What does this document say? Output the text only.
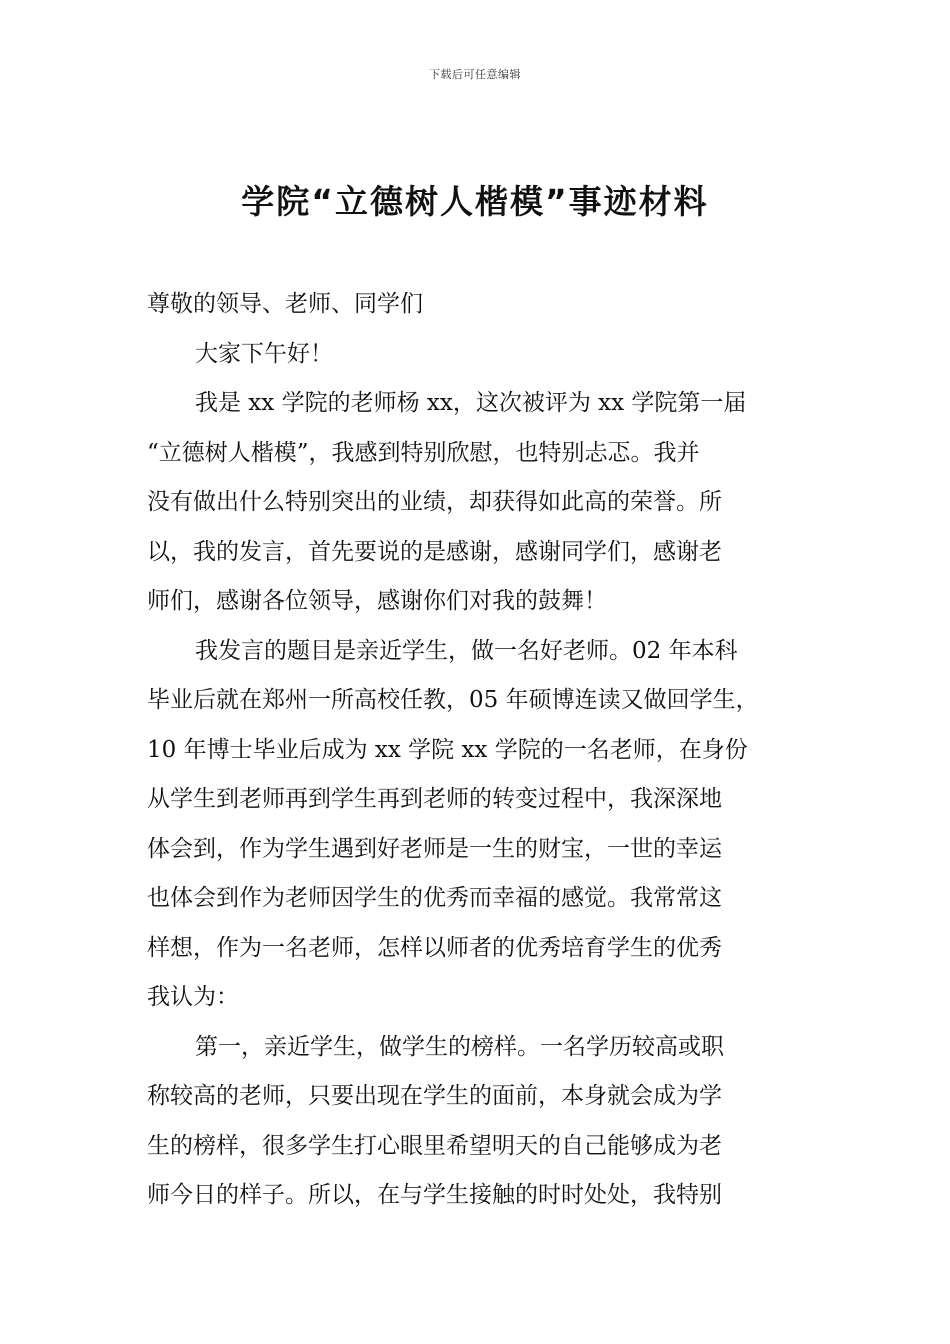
下载后可任意编辑
学院“立德树人楷模”事迹材料
尊敬的领导、老师、同学们
大家下午好！
我是 xx 学院的老师杨 xx，这次被评为 xx 学院第一届
“立德树人楷模”，我感到特别欣慰，也特别忐忑。我并
没有做出什么特别突出的业绩，却获得如此高的荣誉。所
以，我的发言，首先要说的是感谢，感谢同学们，感谢老
师们，感谢各位领导，感谢你们对我的鼓舞！
我发言的题目是亲近学生，做一名好老师。02 年本科
毕业后就在郑州一所高校任教，05 年硕博连读又做回学生，
10 年博士毕业后成为 xx 学院 xx 学院的一名老师，在身份
从学生到老师再到学生再到老师的转变过程中，我深深地
体会到，作为学生遇到好老师是一生的财宝，一世的幸运
也体会到作为老师因学生的优秀而幸福的感觉。我常常这
样想，作为一名老师，怎样以师者的优秀培育学生的优秀
我认为：
第一，亲近学生，做学生的榜样。一名学历较高或职
称较高的老师，只要出现在学生的面前，本身就会成为学
生的榜样，很多学生打心眼里希望明天的自己能够成为老
师今日的样子。所以，在与学生接触的时时处处，我特别
